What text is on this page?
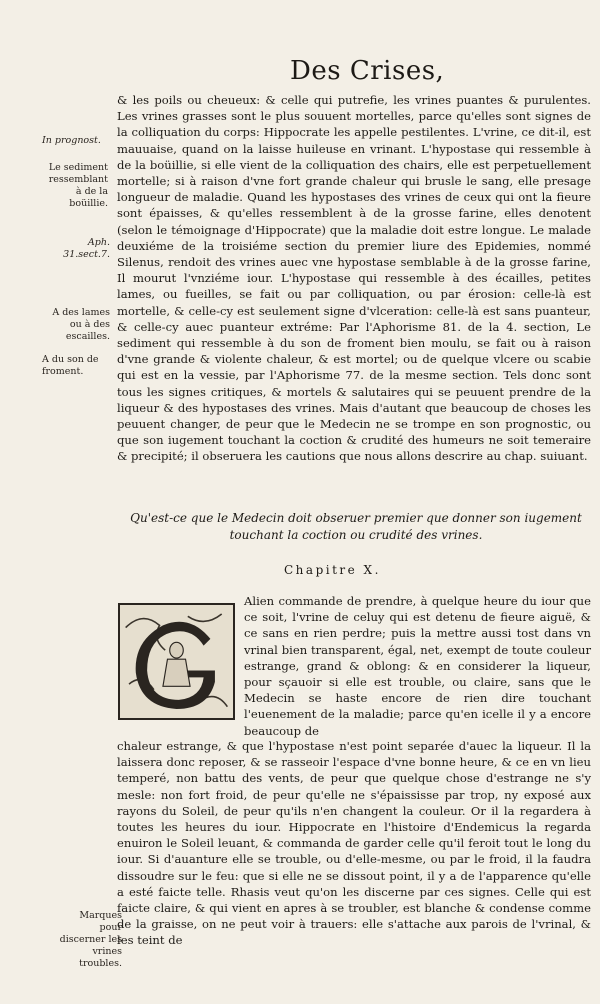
Des Crises,
In prognost.
Le sediment ressemblant à de la boüillie.
Aph. 31.sect.7.
A des lames ou à des escailles.
A du son de froment.
Marques pour discerner les vrines troubles.

& les poils ou cheueux: & celle qui putrefie, les vrines puantes & purulentes. Les vrines grasses sont le plus souuent mortelles, parce qu'elles sont signes de la colliquation du corps: Hippocrate les appelle pestilentes. L'vrine, ce dit-il, est mauuaise, quand on la laisse huileuse en vrinant. L'hypostase qui ressemble à de la boüillie, si elle vient de la colliquation des chairs, elle est perpetuellement mortelle; si à raison d'vne fort grande chaleur qui brusle le sang, elle presage longueur de maladie. Quand les hypostases des vrines de ceux qui ont la fieure sont épaisses, & qu'elles ressemblent à de la grosse farine, elles denotent (selon le témoignage d'Hippocrate) que la maladie doit estre longue. Le malade deuxiéme de la troisiéme section du premier liure des Epidemies, nommé Silenus, rendoit des vrines auec vne hypostase semblable à de la grosse farine, Il mourut l'vnziéme iour. L'hypostase qui ressemble à des écailles, petites lames, ou fueilles, se fait ou par colliquation, ou par érosion: celle-là est mortelle, & celle-cy est seulement signe d'vlceration: celle-là est sans puanteur, & celle-cy auec puanteur extréme: Par l'Aphorisme 81. de la 4. section, Le sediment qui ressemble à du son de froment bien moulu, se fait ou à raison d'vne grande & violente chaleur, & est mortel; ou de quelque vlcere ou scabie qui est en la vessie, par l'Aphorisme 77. de la mesme section. Tels donc sont tous les signes critiques, & mortels & salutaires qui se peuuent prendre de la liqueur & des hypostases des vrines. Mais d'autant que beaucoup de choses les peuuent changer, de peur que le Medecin ne se trompe en son prognostic, ou que son iugement touchant la coction & crudité des humeurs ne soit temeraire & precipité; il obseruera les cautions que nous allons descrire au chap. suiuant.

Qu'est-ce que le Medecin doit obseruer premier que donner son iugement touchant la coction ou crudité des vrines.
Chapitre X.

Alien commande de prendre, à quelque heure du iour que ce soit, l'vrine de celuy qui est detenu de fieure aiguë, & ce sans en rien perdre; puis la mettre aussi tost dans vn vrinal bien transparent, égal, net, exempt de toute couleur estrange, grand & oblong: & en considerer la liqueur, pour sçauoir si elle est trouble, ou claire, sans que le Medecin se haste encore de rien dire touchant l'euenement de la maladie; parce qu'en icelle il y a encore beaucoup de

chaleur estrange, & que l'hypostase n'est point separée d'auec la liqueur. Il la laissera donc reposer, & se rasseoir l'espace d'vne bonne heure, & ce en vn lieu temperé, non battu des vents, de peur que quelque chose d'estrange ne s'y mesle: non fort froid, de peur qu'elle ne s'épaississe par trop, ny exposé aux rayons du Soleil, de peur qu'ils n'en changent la couleur. Or il la regardera à toutes les heures du iour. Hippocrate en l'histoire d'Endemicus la regarda enuiron le Soleil leuant, & commanda de garder celle qu'il feroit tout le long du iour. Si d'auanture elle se trouble, ou d'elle-mesme, ou par le froid, il la faudra dissoudre sur le feu: que si elle ne se dissout point, il y a de l'apparence qu'elle a esté faicte telle. Rhasis veut qu'on les discerne par ces signes. Celle qui est faicte claire, & qui vient en apres à se troubler, est blanche & condense comme de la graisse, on ne peut voir à trauers: elle s'attache aux parois de l'vrinal, & les teint de
